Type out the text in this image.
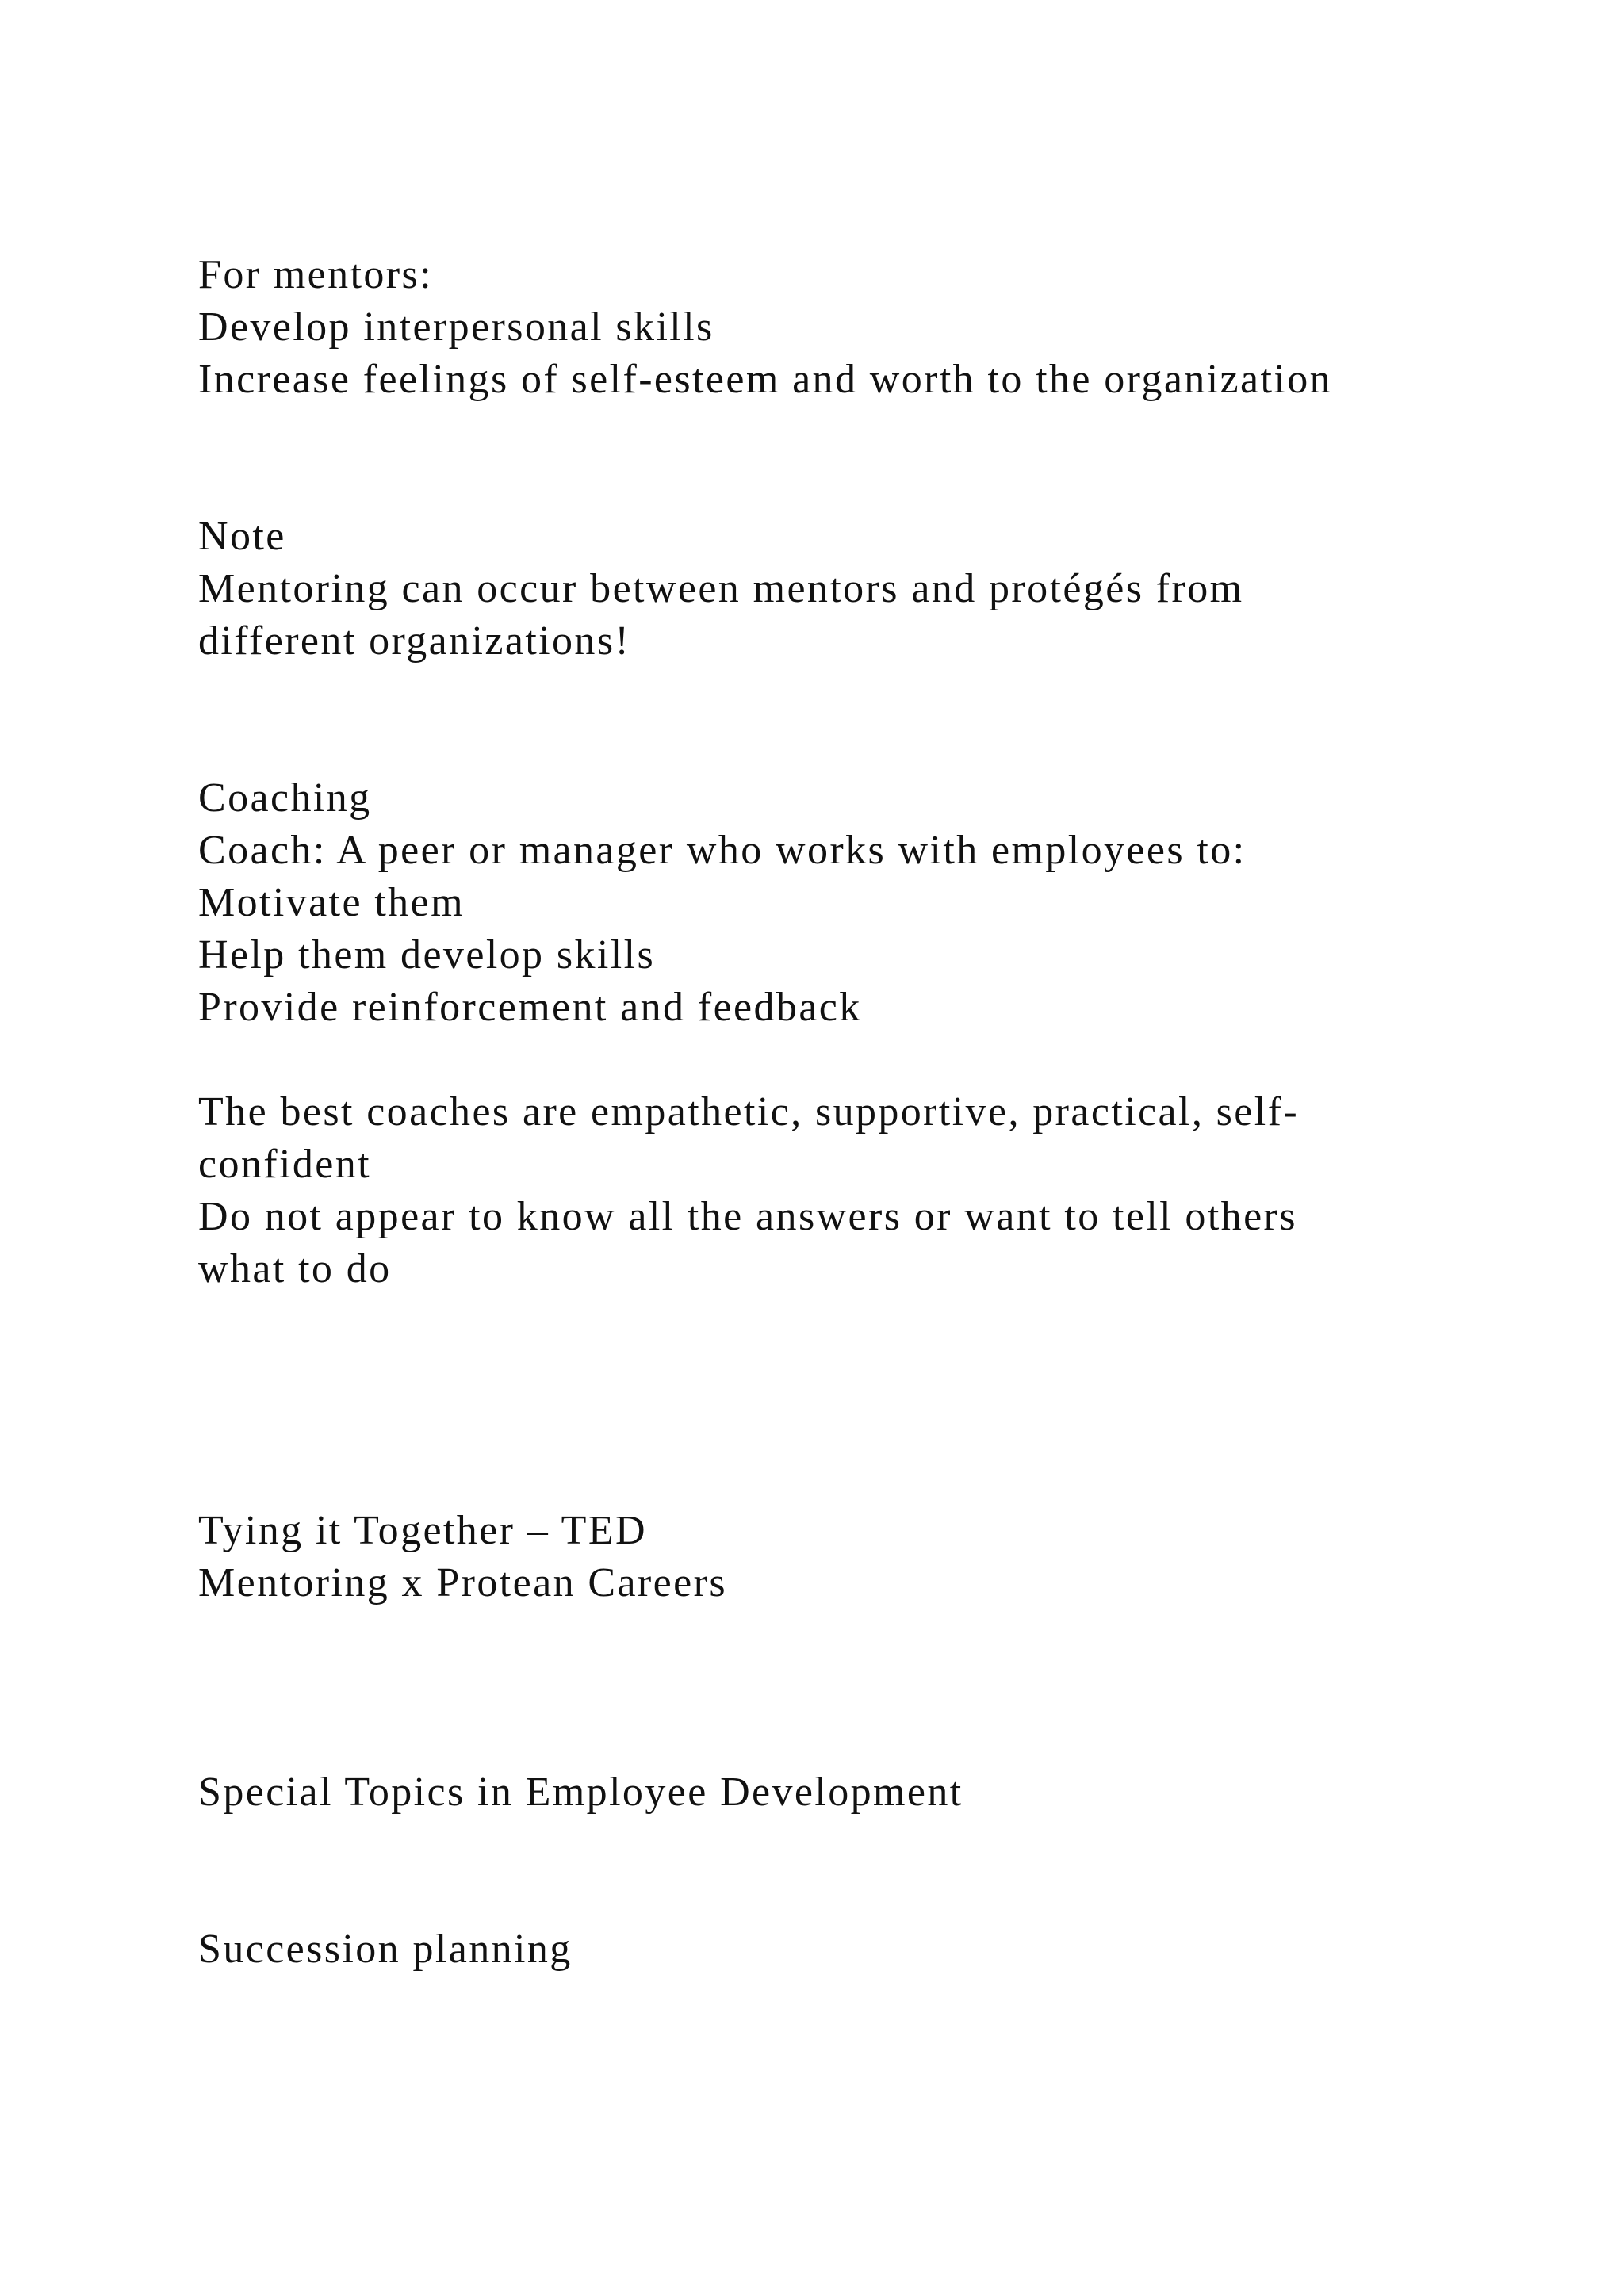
For mentors:
Develop interpersonal skills
Increase feelings of self-esteem and worth to the organization
Note
Mentoring can occur between mentors and protégés from
different organizations!
Coaching
Coach: A peer or manager who works with employees to:
Motivate them
Help them develop skills
Provide reinforcement and feedback
The best coaches are empathetic, supportive, practical, self-
confident
Do not appear to know all the answers or want to tell others
what to do
Tying it Together – TED
Mentoring x Protean Careers
Special Topics in Employee Development
Succession planning
